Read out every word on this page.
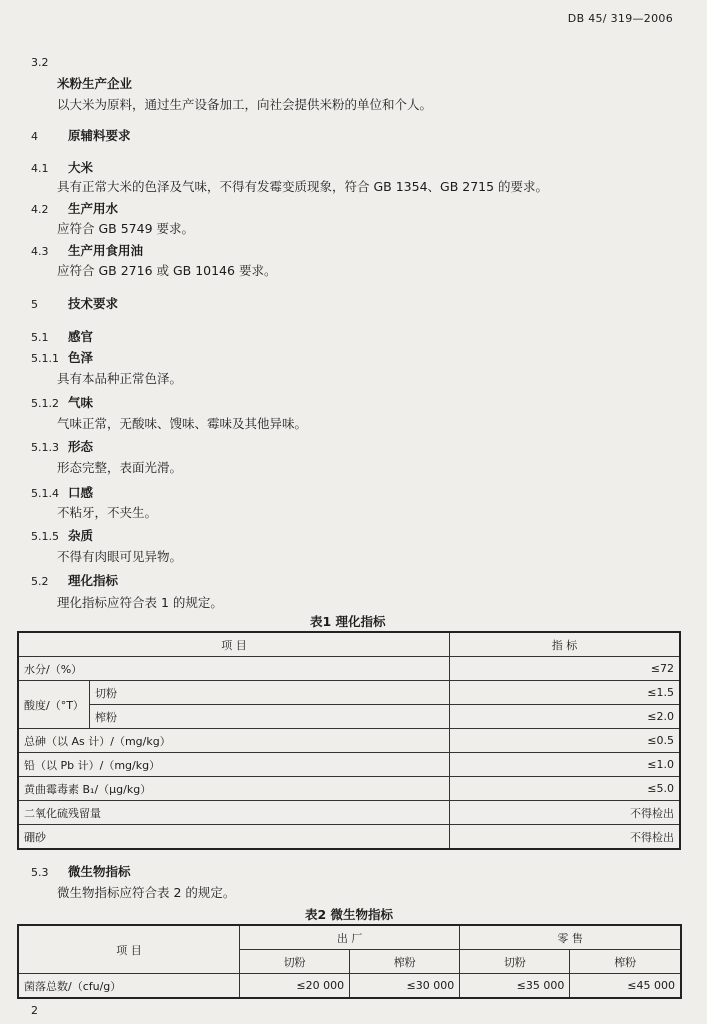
DB 45/ 319—2006
3.2
米粉生产企业
以大米为原料，通过生产设备加工，向社会提供米粉的单位和个人。
4 原辅料要求
4.1 大米
具有正常大米的色泽及气味，不得有发霉变质现象，符合 GB 1354、GB 2715 的要求。
4.2 生产用水
应符合 GB 5749 要求。
4.3 生产用食用油
应符合 GB 2716 或 GB 10146 要求。
5 技术要求
5.1 感官
5.1.1 色泽
具有本品种正常色泽。
5.1.2 气味
气味正常，无酸味、馊味、霉味及其他异味。
5.1.3 形态
形态完整，表面光滑。
5.1.4 口感
不粘牙，不夹生。
5.1.5 杂质
不得有肉眼可见异物。
5.2 理化指标
理化指标应符合表 1 的规定。
表1 理化指标
项 目		指 标
水分/（%）		≤72
酸度/（°T）	切粉	≤1.5
	榨粉	≤2.0
总砷（以 As 计）/（mg/kg）		≤0.5
铅（以 Pb 计）/（mg/kg）		≤1.0
黄曲霉毒素 B₁/（μg/kg）		≤5.0
二氧化硫残留量		不得检出
硼砂		不得检出
5.3 微生物指标
微生物指标应符合表 2 的规定。
表2 微生物指标
项 目	出 厂		零 售	
	切粉	榨粉	切粉	榨粉
菌落总数/（cfu/g）	≤20 000	≤30 000	≤35 000	≤45 000
2
